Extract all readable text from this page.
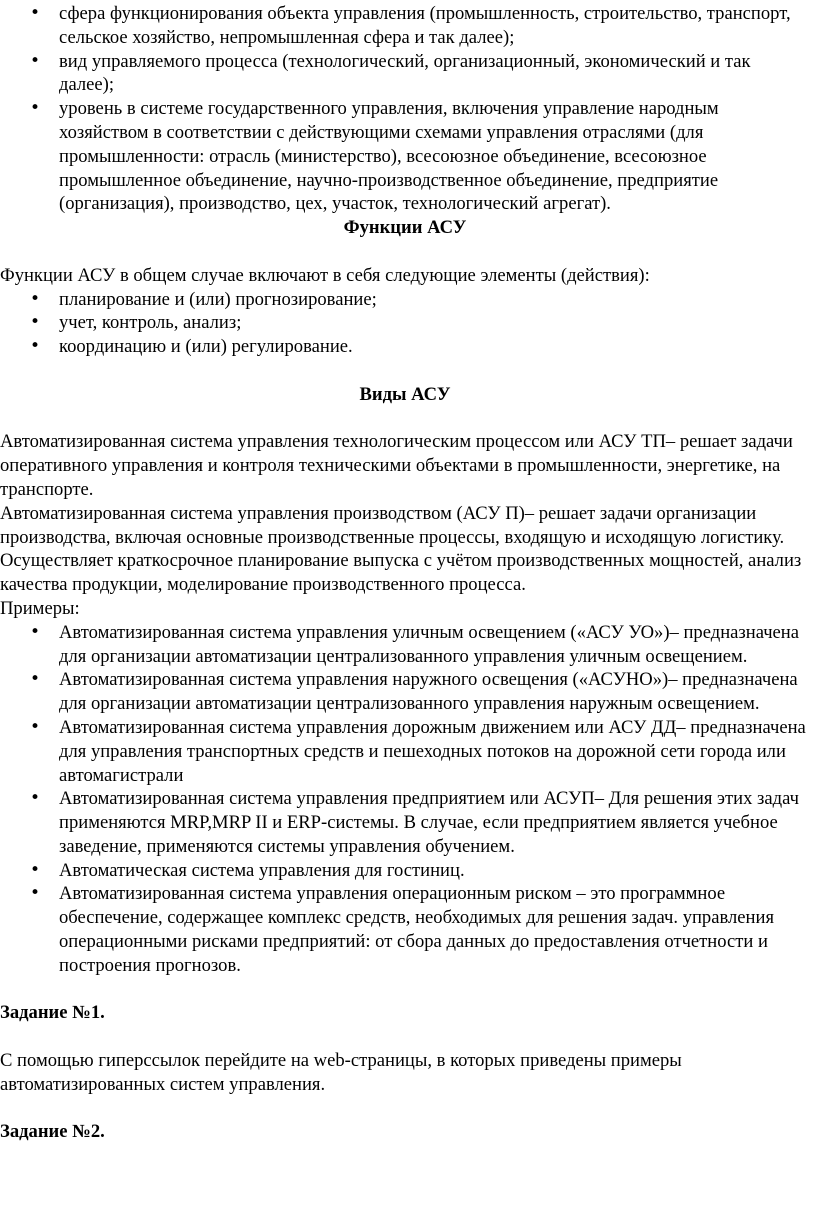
• сфера функционирования объекта управления (промышленность, строительство, транспорт, сельское хозяйство, непромышленная сфера и так далее);
• вид управляемого процесса (технологический, организационный, экономический и так далее);
• уровень в системе государственного управления, включения управление народным хозяйством в соответствии с действующими схемами управления отраслями (для промышленности: отрасль (министерство), всесоюзное объединение, всесоюзное промышленное объединение, научно-производственное объединение, предприятие (организация), производство, цех, участок, технологический агрегат).

Функции АСУ

Функции АСУ в общем случае включают в себя следующие элементы (действия):

• планирование и (или) прогнозирование;
• учет, контроль, анализ;
• координацию и (или) регулирование.

Виды АСУ

Автоматизированная система управления технологическим процессом или АСУ ТП– решает задачи оперативного управления и контроля техническими объектами в промышленности, энергетике, на транспорте.

Автоматизированная система управления производством (АСУ П)– решает задачи организации производства, включая основные производственные процессы, входящую и исходящую логистику. Осуществляет краткосрочное планирование выпуска с учётом производственных мощностей, анализ качества продукции, моделирование производственного процесса.

Примеры:

• Автоматизированная система управления уличным освещением («АСУ УО»)– предназначена для организации автоматизации централизованного управления уличным освещением.
• Автоматизированная система управления наружного освещения («АСУНО»)– предназначена для организации автоматизации централизованного управления наружным освещением.
• Автоматизированная система управления дорожным движением или АСУ ДД– предназначена для управления транспортных средств и пешеходных потоков на дорожной сети города или автомагистрали
• Автоматизированная система управления предприятием или АСУП– Для решения этих задач применяются MRP,MRP II и ERP-системы. В случае, если предприятием является учебное заведение, применяются системы управления обучением.
• Автоматическая система управления для гостиниц.
• Автоматизированная система управления операционным риском – это программное обеспечение, содержащее комплекс средств, необходимых для решения задач. управления операционными рисками предприятий: от сбора данных до предоставления отчетности и построения прогнозов.

Задание №1.

С помощью гиперссылок перейдите на web-страницы, в которых приведены примеры автоматизированных систем управления.

Задание №2.
